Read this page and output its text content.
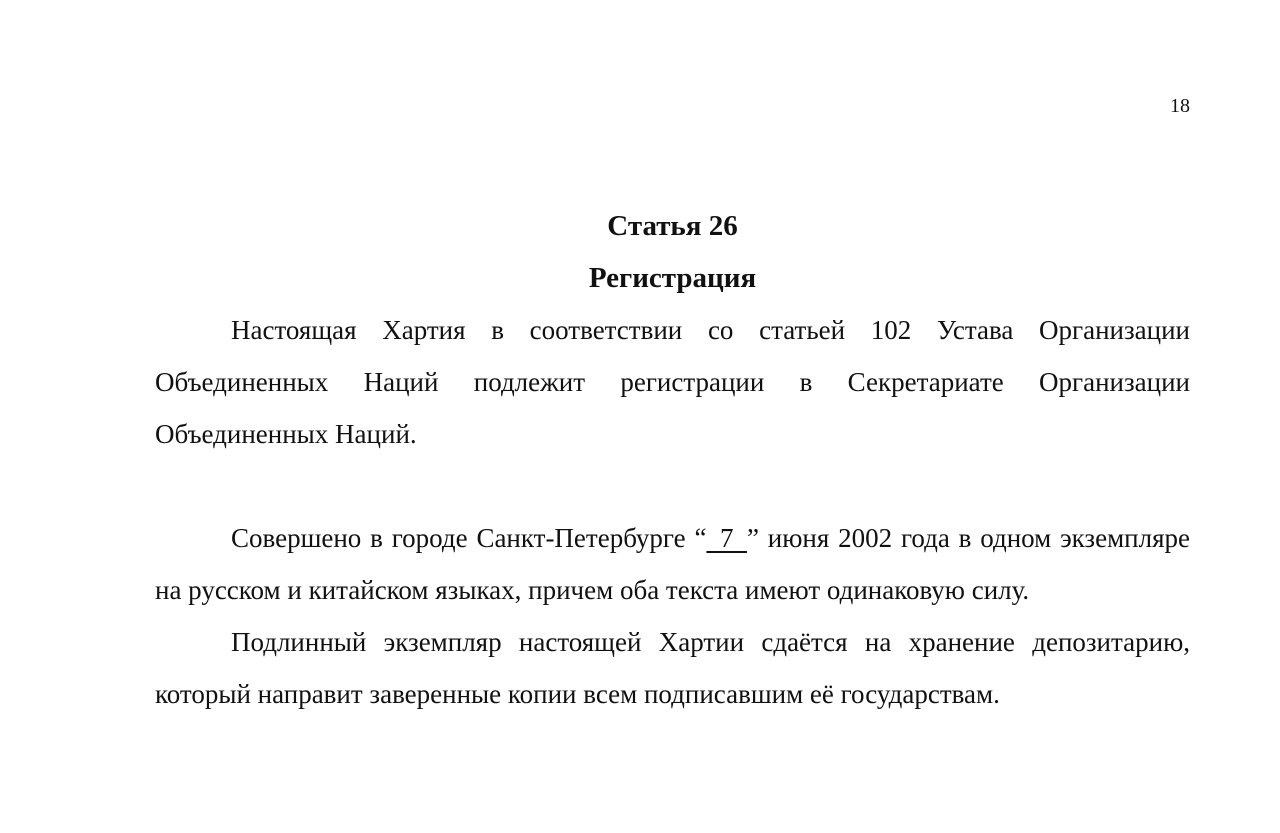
18

Статья 26

Регистрация

Настоящая Хартия в соответствии со статьей 102 Устава Организации Объединенных Наций подлежит регистрации в Секретариате Организации Объединенных Наций.

Совершено в городе Санкт-Петербурге “  7  ” июня 2002 года в одном экземпляре на русском и китайском языках, причем оба текста имеют одинаковую силу.

Подлинный экземпляр настоящей Хартии сдаётся на хранение депозитарию, который направит заверенные копии всем подписавшим её государствам.
